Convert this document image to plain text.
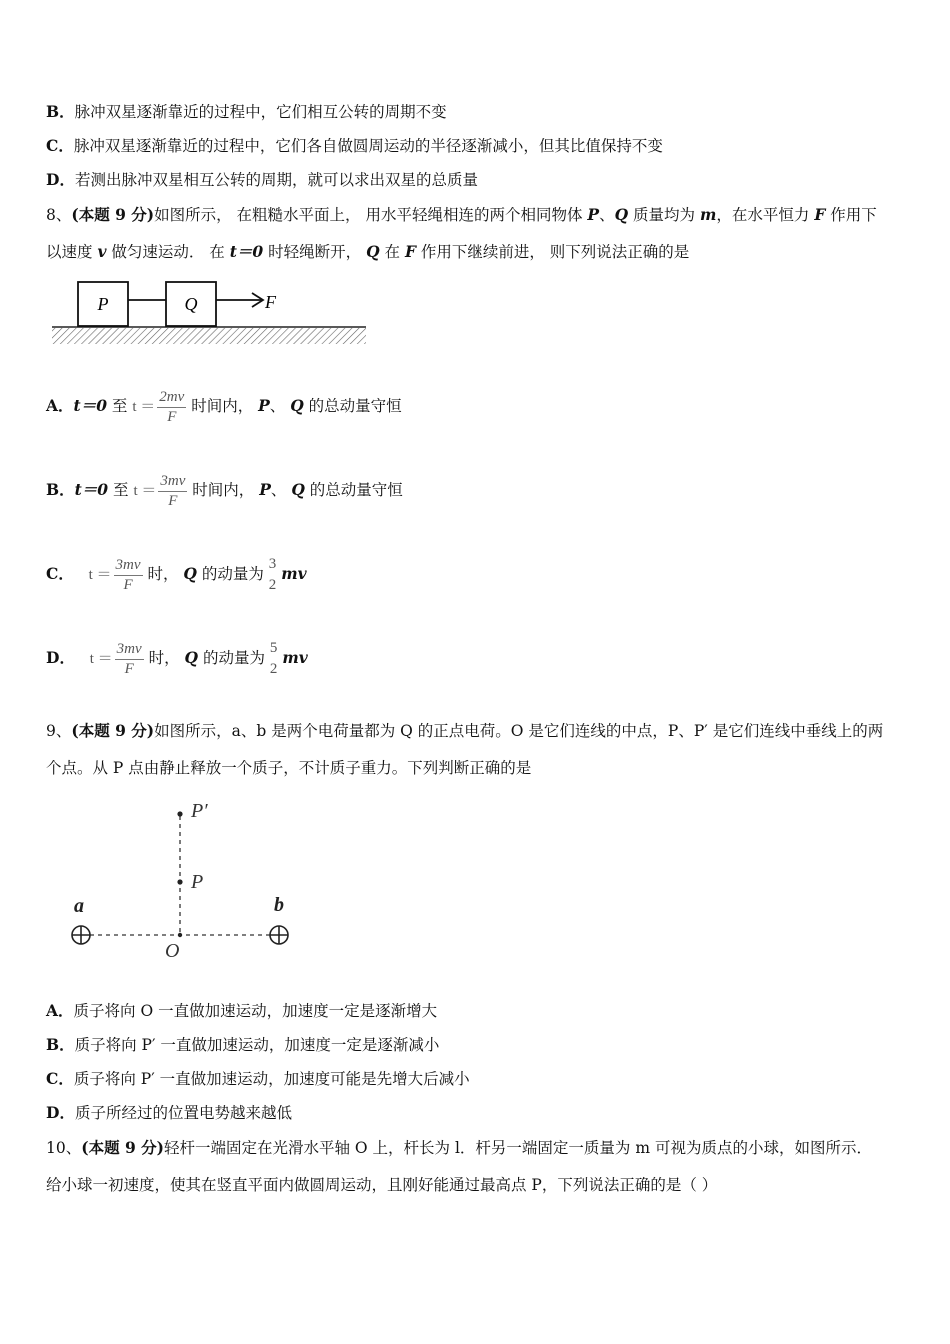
B．脉冲双星逐渐靠近的过程中，它们相互公转的周期不变
C．脉冲双星逐渐靠近的过程中，它们各自做圆周运动的半径逐渐减小，但其比值保持不变
D．若测出脉冲双星相互公转的周期，就可以求出双星的总质量
8、(本题 9 分)如图所示， 在粗糙水平面上， 用水平轻绳相连的两个相同物体 P、Q 质量均为 m，在水平恒力 F 作用下
以速度 v 做匀速运动． 在 t＝0 时轻绳断开， Q 在 F 作用下继续前进， 则下列说法正确的是
P	Q	F
A．t＝0 至 $t = \frac{2mv}{F}$ 时间内， P、 Q 的总动量守恒
B．t＝0 至 $t = \frac{3mv}{F}$ 时间内， P、 Q 的总动量守恒
C． $t = \frac{3mv}{F}$ 时， Q 的动量为
3
2
mv
D． $t = \frac{3mv}{F}$ 时， Q 的动量为
5
2
mv
9、(本题 9 分)如图所示，a、b 是两个电荷量都为 Q 的正点电荷。O 是它们连线的中点，P、P′ 是它们连线中垂线上的两
个点。从 P 点由静止释放一个质子，不计质子重力。下列判断正确的是
P′
P
O
a	b
A．质子将向 O 一直做加速运动，加速度一定是逐渐增大
B．质子将向 P′ 一直做加速运动，加速度一定是逐渐减小
C．质子将向 P′ 一直做加速运动，加速度可能是先增大后减小
D．质子所经过的位置电势越来越低
10、(本题 9 分)轻杆一端固定在光滑水平轴 O 上，杆长为 l．杆另一端固定一质量为 m 可视为质点的小球，如图所示．
给小球一初速度，使其在竖直平面内做圆周运动，且刚好能通过最高点 P，下列说法正确的是（ ）
